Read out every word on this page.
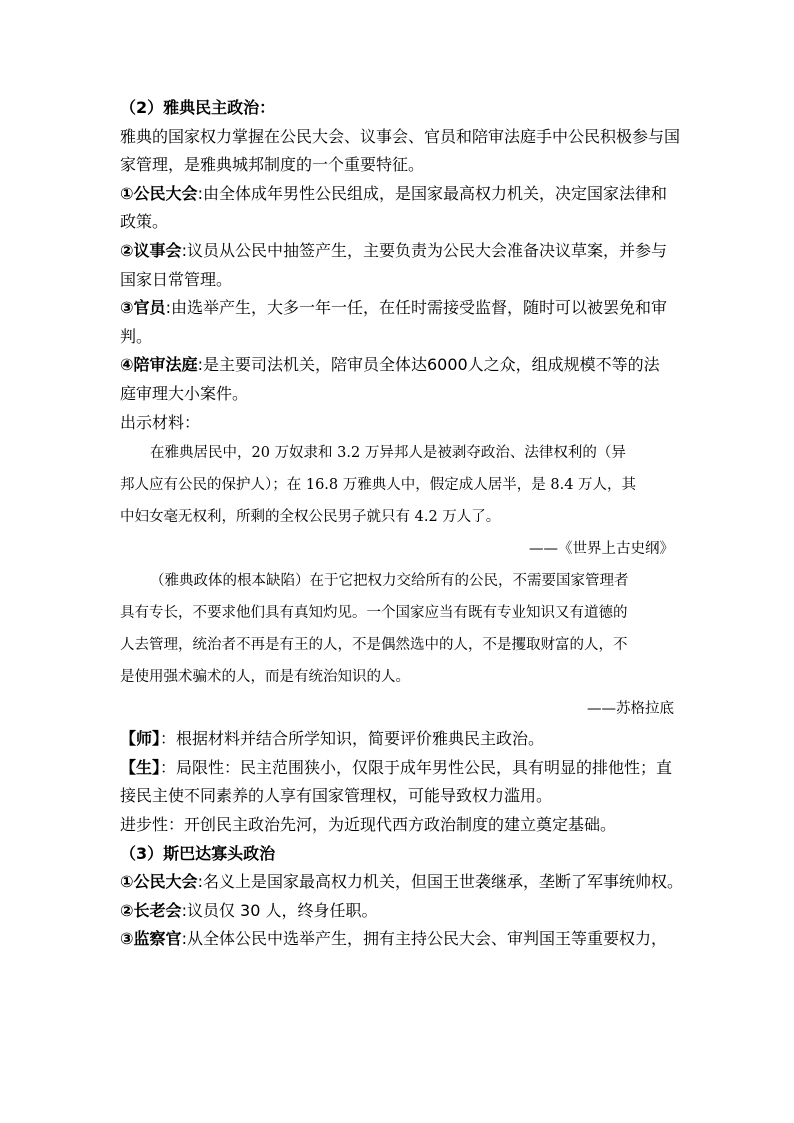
（2）雅典民主政治：
雅典的国家权力掌握在公民大会、议事会、官员和陪审法庭手中公民积极参与国
家管理，是雅典城邦制度的一个重要特征。
①公民大会:由全体成年男性公民组成，是国家最高权力机关，决定国家法律和
政策。
②议事会:议员从公民中抽签产生，主要负责为公民大会准备决议草案，并参与
国家日常管理。
③官员:由选举产生，大多一年一任，在任时需接受监督，随时可以被罢免和审
判。
④陪审法庭:是主要司法机关，陪审员全体达6000人之众，组成规模不等的法
庭审理大小案件。
出示材料：
在雅典居民中，20 万奴隶和 3.2 万异邦人是被剥夺政治、法律权利的（异
邦人应有公民的保护人）；在 16.8 万雅典人中，假定成人居半，是 8.4 万人，其
中妇女毫无权利，所剩的全权公民男子就只有 4.2 万人了。
——《世界上古史纲》
（雅典政体的根本缺陷）在于它把权力交给所有的公民，不需要国家管理者
具有专长，不要求他们具有真知灼见。一个国家应当有既有专业知识又有道德的
人去管理，统治者不再是有王的人，不是偶然选中的人，不是攫取财富的人，不
是使用强术骗术的人，而是有统治知识的人。
——苏格拉底
【师】：根据材料并结合所学知识，简要评价雅典民主政治。
【生】：局限性：民主范围狭小，仅限于成年男性公民，具有明显的排他性；直
接民主使不同素养的人享有国家管理权，可能导致权力滥用。
进步性：开创民主政治先河，为近现代西方政治制度的建立奠定基础。
（3）斯巴达寡头政治
①公民大会:名义上是国家最高权力机关，但国王世袭继承，垄断了军事统帅权。
②长老会:议员仅 30 人，终身任职。
③监察官:从全体公民中选举产生，拥有主持公民大会、审判国王等重要权力，
